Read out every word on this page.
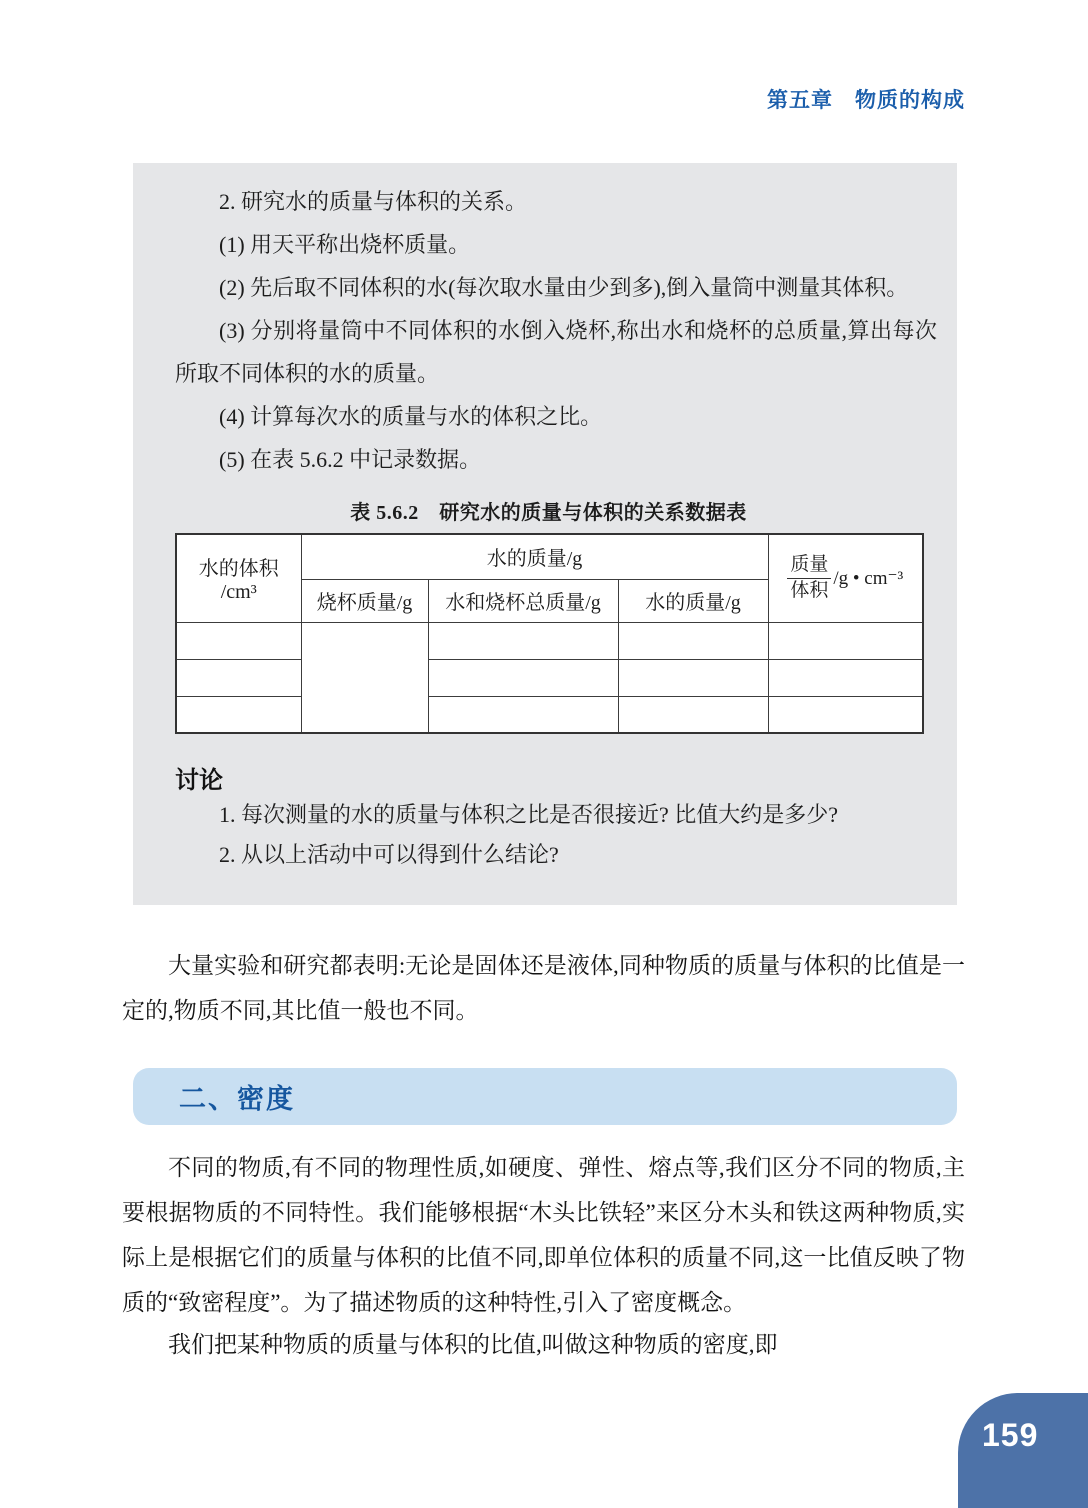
第五章　物质的构成

2. 研究水的质量与体积的关系。

(1) 用天平称出烧杯质量。

(2) 先后取不同体积的水(每次取水量由少到多),倒入量筒中测量其体积。

(3) 分别将量筒中不同体积的水倒入烧杯,称出水和烧杯的总质量,算出每次所取不同体积的水的质量。

(4) 计算每次水的质量与水的体积之比。

(5) 在表 5.6.2 中记录数据。

表 5.6.2　研究水的质量与体积的关系数据表
水的体积
/cm³
	水的质量/g	$\frac{\text{质量}}{\text{体积}} /g$ • cm⁻³

	烧杯质量/g	水和烧杯总质量/g	水的质量/g	

讨论

1. 每次测量的水的质量与体积之比是否很接近? 比值大约是多少?

2. 从以上活动中可以得到什么结论?

大量实验和研究都表明:无论是固体还是液体,同种物质的质量与体积的比值是一定的,物质不同,其比值一般也不同。

二、密度

不同的物质,有不同的物理性质,如硬度、弹性、熔点等,我们区分不同的物质,主要根据物质的不同特性。我们能够根据“木头比铁轻”来区分木头和铁这两种物质,实际上是根据它们的质量与体积的比值不同,即单位体积的质量不同,这一比值反映了物质的“致密程度”。为了描述物质的这种特性,引入了密度概念。

我们把某种物质的质量与体积的比值,叫做这种物质的密度,即

159
